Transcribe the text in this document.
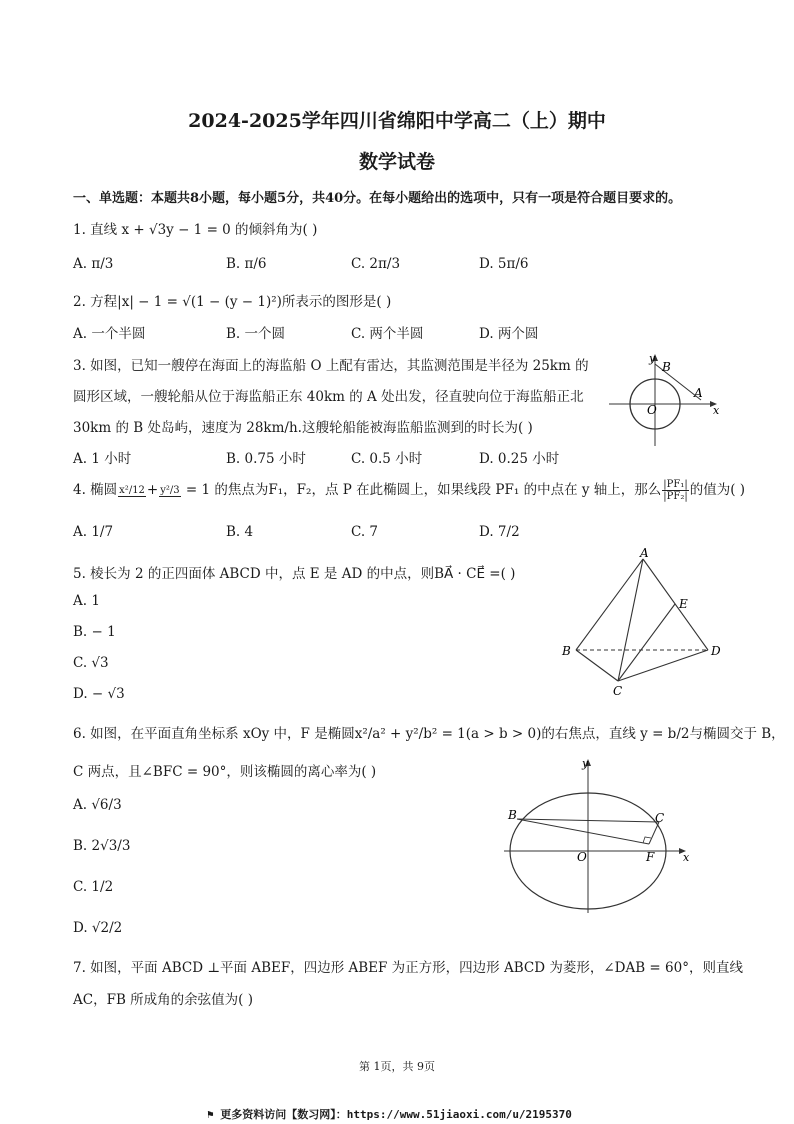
2024-2025学年四川省绵阳中学高二（上）期中
数学试卷
一、单选题：本题共8小题，每小题5分，共40分。在每小题给出的选项中，只有一项是符合题目要求的。
1. 直线 x + √3y − 1 = 0 的倾斜角为( )
A. π/3	B. π/6	C. 2π/3	D. 5π/6
2. 方程|x| − 1 = √(1 − (y − 1)²)所表示的图形是( )
A. 一个半圆	B. 一个圆	C. 两个半圆	D. 两个圆
3. 如图，已知一艘停在海面上的海监船 O 上配有雷达，其监测范围是半径为 25km 的
圆形区域，一艘轮船从位于海监船正东 40km 的 A 处出发，径直驶向位于海监船正北
30km 的 B 处岛屿，速度为 28km/h.这艘轮船能被海监船监测到的时长为( )
A. 1 小时	B. 0.75 小时	C. 0.5 小时	D. 0.25 小时
y
B
A
O	x
4. 椭圆 x²/12 + y²/3 = 1 的焦点为F₁，F₂，点 P 在此椭圆上，如果线段 PF₁ 的中点在 y 轴上，那么 $\frac{\text{|PF₁|}}{\text{|PF₂|}}$ 的值为( )
A. 1/7	B. 4	C. 7	D. 7/2
5. 棱长为 2 的正四面体 ABCD 中，点 E 是 AD 的中点，则BA⃗ · CE⃗ =( )
A. 1
B. − 1
C. √3
D. − √3
A
B
C
D
E
6. 如图，在平面直角坐标系 xOy 中，F 是椭圆x²/a² + y²/b² = 1(a > b > 0)的右焦点，直线 y = b/2与椭圆交于 B，
C 两点，且∠BFC = 90°，则该椭圆的离心率为( )
A. √6/3
B. 2√3/3
C. 1/2
D. √2/2
y
B	C
O	F	x
7. 如图，平面 ABCD ⊥平面 ABEF，四边形 ABEF 为正方形，四边形 ABCD 为菱形，∠DAB = 60°，则直线
AC，FB 所成角的余弦值为( )
第 1页，共 9页
⚑ 更多资料访问【数习网】：https://www.51jiaoxi.com/u/2195370
